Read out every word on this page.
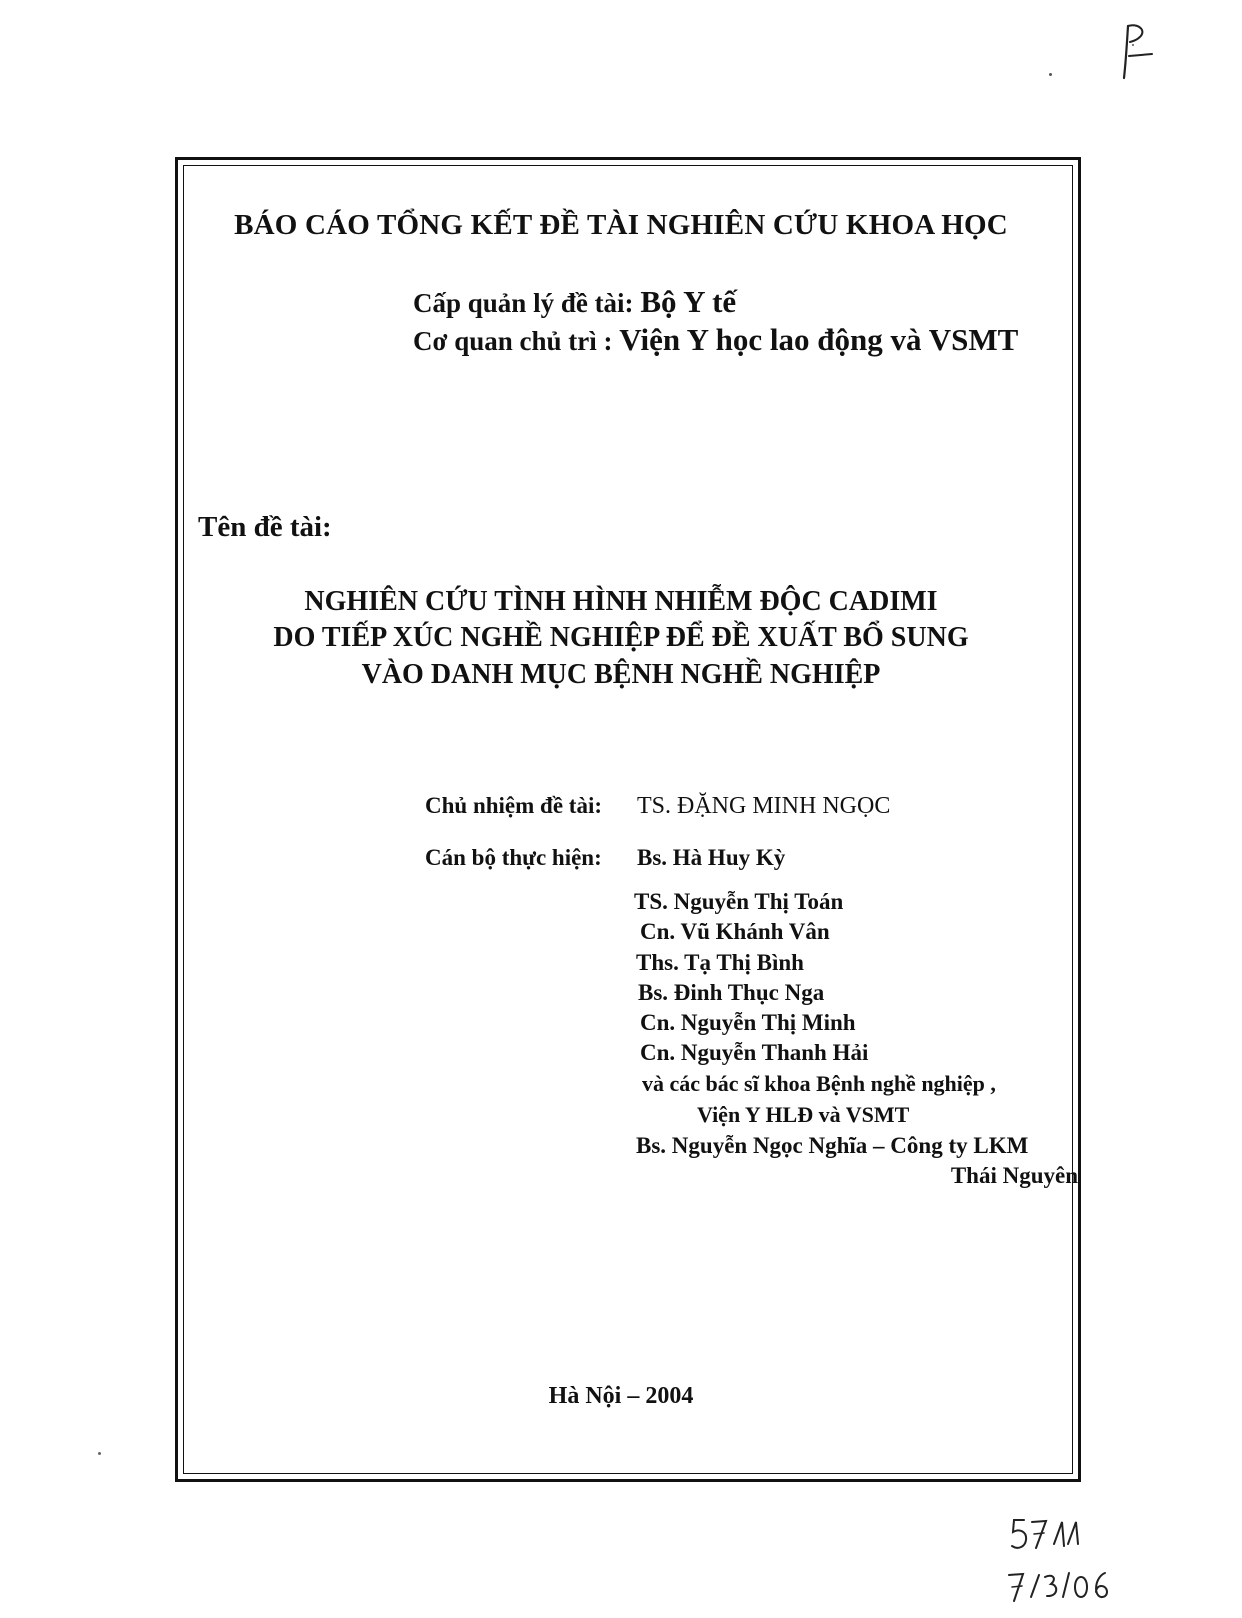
BÁO CÁO TỔNG KẾT ĐỀ TÀI NGHIÊN CỨU KHOA HỌC
Cấp quản lý đề tài: Bộ Y tế
Cơ quan chủ trì : Viện Y học lao động và VSMT
Tên đề tài:
NGHIÊN CỨU TÌNH HÌNH NHIỄM ĐỘC CADIMI
DO TIẾP XÚC NGHỀ NGHIỆP ĐỂ ĐỀ XUẤT BỔ SUNG
VÀO DANH MỤC BỆNH NGHỀ NGHIỆP
Chủ nhiệm đề tài: TS. ĐẶNG MINH NGỌC
Cán bộ thực hiện: Bs. Hà Huy Kỳ
TS. Nguyễn Thị Toán
Cn. Vũ Khánh Vân
Ths. Tạ Thị Bình
Bs. Đinh Thục Nga
Cn. Nguyễn Thị Minh
Cn. Nguyễn Thanh Hải
và các bác sĩ khoa Bệnh nghề nghiệp ,
Viện Y HLĐ và VSMT
Bs. Nguyễn Ngọc Nghĩa – Công ty LKM
Thái Nguyên
Hà Nội – 2004
